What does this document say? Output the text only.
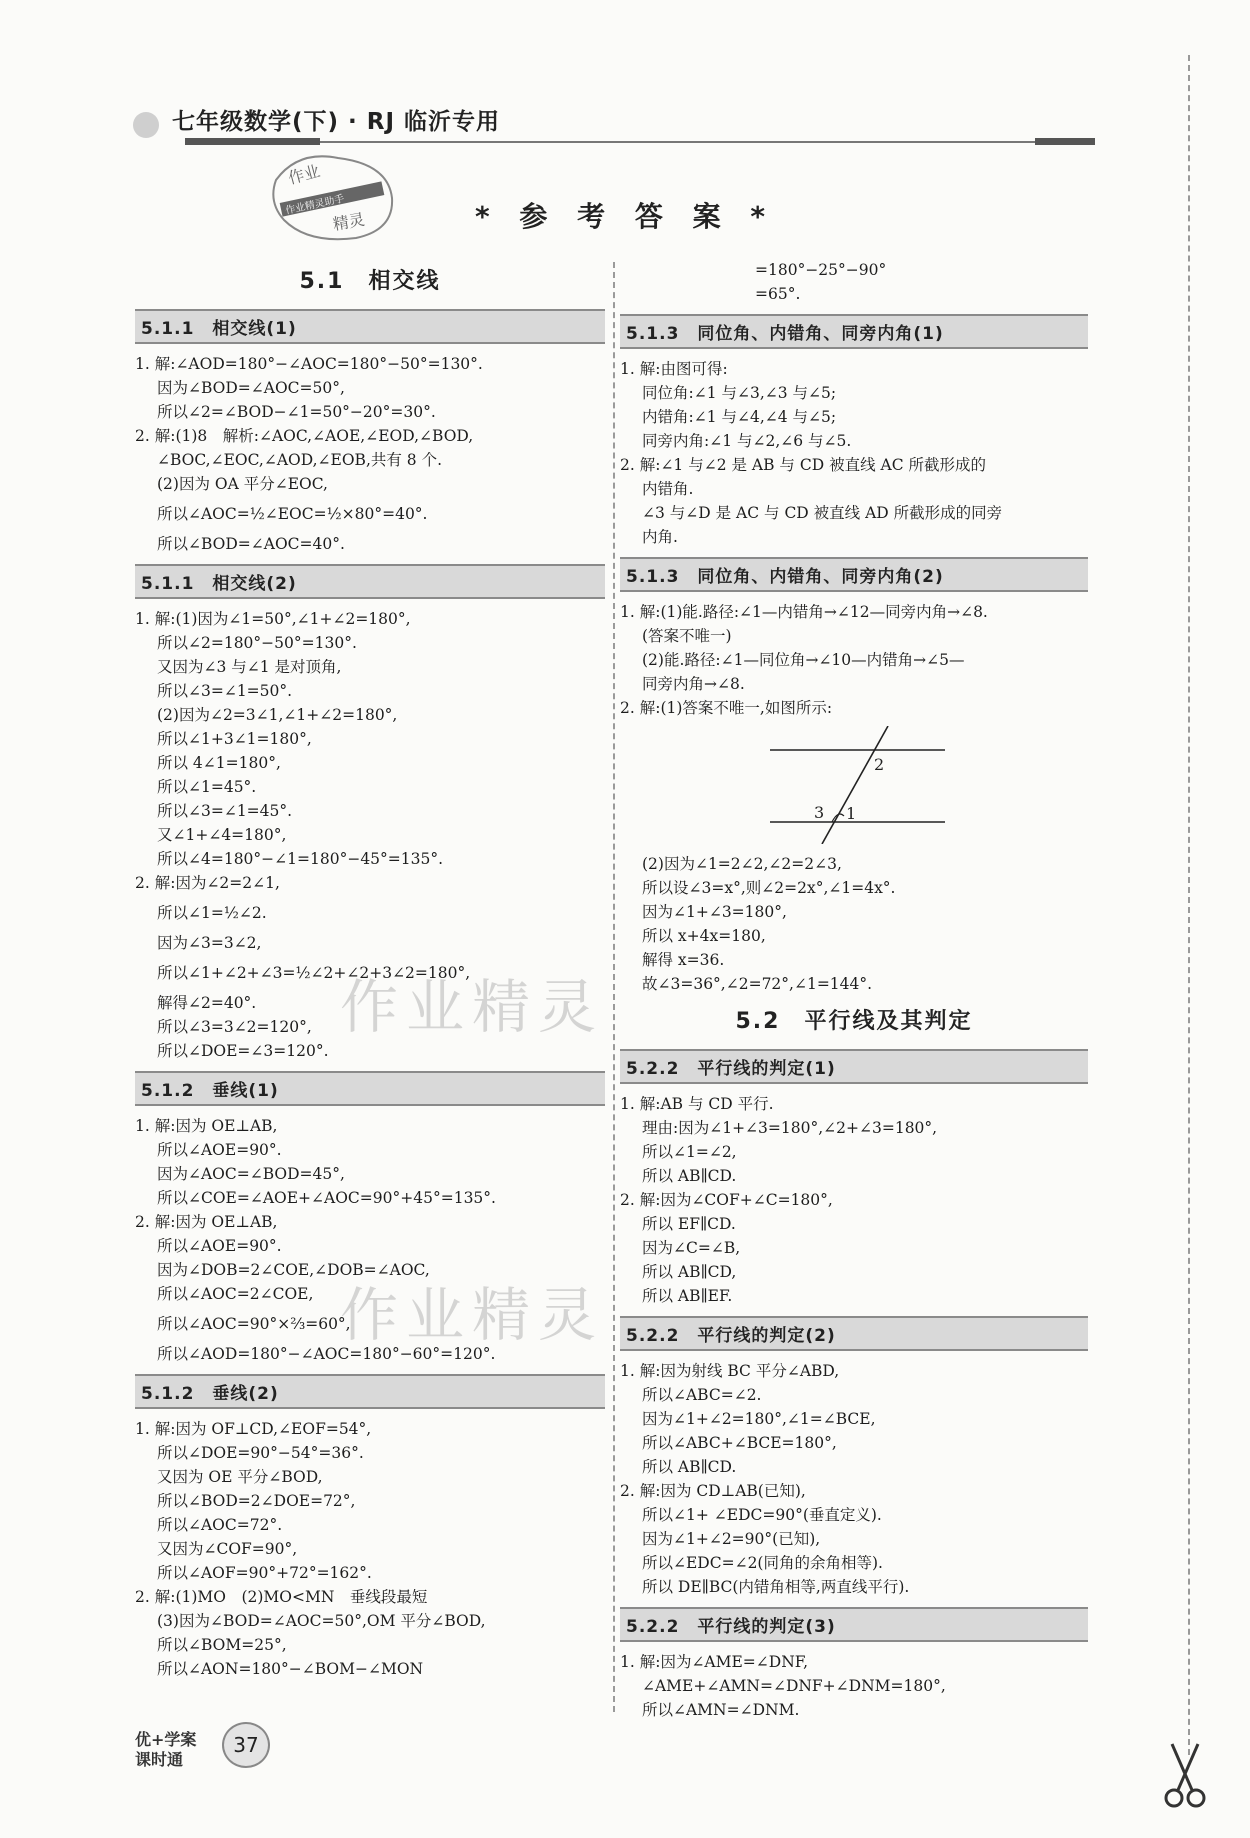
七年级数学(下) · RJ 临沂专用
作业
作业精灵助手
精灵	* 参 考 答 案 *
作业精灵
作业精灵
5.1　相交线
5.1.1　相交线(1)
1. 解:∠AOD=180°−∠AOC=180°−50°=130°.
因为∠BOD=∠AOC=50°,
所以∠2=∠BOD−∠1=50°−20°=30°.
2. 解:(1)8　解析:∠AOC,∠AOE,∠EOD,∠BOD,
∠BOC,∠EOC,∠AOD,∠EOB,共有 8 个.
(2)因为 OA 平分∠EOC,
所以∠AOC=½∠EOC=½×80°=40°.
所以∠BOD=∠AOC=40°.
5.1.1　相交线(2)
1. 解:(1)因为∠1=50°,∠1+∠2=180°,
所以∠2=180°−50°=130°.
又因为∠3 与∠1 是对顶角,
所以∠3=∠1=50°.
(2)因为∠2=3∠1,∠1+∠2=180°,
所以∠1+3∠1=180°,
所以 4∠1=180°,
所以∠1=45°.
所以∠3=∠1=45°.
又∠1+∠4=180°,
所以∠4=180°−∠1=180°−45°=135°.
2. 解:因为∠2=2∠1,
所以∠1=½∠2.
因为∠3=3∠2,
所以∠1+∠2+∠3=½∠2+∠2+3∠2=180°,
解得∠2=40°.
所以∠3=3∠2=120°,
所以∠DOE=∠3=120°.
5.1.2　垂线(1)
1. 解:因为 OE⊥AB,
所以∠AOE=90°.
因为∠AOC=∠BOD=45°,
所以∠COE=∠AOE+∠AOC=90°+45°=135°.
2. 解:因为 OE⊥AB,
所以∠AOE=90°.
因为∠DOB=2∠COE,∠DOB=∠AOC,
所以∠AOC=2∠COE,
所以∠AOC=90°×⅔=60°,
所以∠AOD=180°−∠AOC=180°−60°=120°.
5.1.2　垂线(2)
1. 解:因为 OF⊥CD,∠EOF=54°,
所以∠DOE=90°−54°=36°.
又因为 OE 平分∠BOD,
所以∠BOD=2∠DOE=72°,
所以∠AOC=72°.
又因为∠COF=90°,
所以∠AOF=90°+72°=162°.
2. 解:(1)MO　(2)MO<MN　垂线段最短
(3)因为∠BOD=∠AOC=50°,OM 平分∠BOD,
所以∠BOM=25°,
所以∠AON=180°−∠BOM−∠MON
=180°−25°−90°
=65°.
5.1.3　同位角、内错角、同旁内角(1)
1. 解:由图可得:
同位角:∠1 与∠3,∠3 与∠5;
内错角:∠1 与∠4,∠4 与∠5;
同旁内角:∠1 与∠2,∠6 与∠5.
2. 解:∠1 与∠2 是 AB 与 CD 被直线 AC 所截形成的
内错角.
∠3 与∠D 是 AC 与 CD 被直线 AD 所截形成的同旁
内角.
5.1.3　同位角、内错角、同旁内角(2)
1. 解:(1)能.路径:∠1—内错角→∠12—同旁内角→∠8.
(答案不唯一)
(2)能.路径:∠1—同位角→∠10—内错角→∠5—
同旁内角→∠8.
2. 解:(1)答案不唯一,如图所示:
2
3 1
(2)因为∠1=2∠2,∠2=2∠3,
所以设∠3=x°,则∠2=2x°,∠1=4x°.
因为∠1+∠3=180°,
所以 x+4x=180,
解得 x=36.
故∠3=36°,∠2=72°,∠1=144°.
5.2　平行线及其判定
5.2.2　平行线的判定(1)
1. 解:AB 与 CD 平行.
理由:因为∠1+∠3=180°,∠2+∠3=180°,
所以∠1=∠2,
所以 AB∥CD.
2. 解:因为∠COF+∠C=180°,
所以 EF∥CD.
因为∠C=∠B,
所以 AB∥CD,
所以 AB∥EF.
5.2.2　平行线的判定(2)
1. 解:因为射线 BC 平分∠ABD,
所以∠ABC=∠2.
因为∠1+∠2=180°,∠1=∠BCE,
所以∠ABC+∠BCE=180°,
所以 AB∥CD.
2. 解:因为 CD⊥AB(已知),
所以∠1+ ∠EDC=90°(垂直定义).
因为∠1+∠2=90°(已知),
所以∠EDC=∠2(同角的余角相等).
所以 DE∥BC(内错角相等,两直线平行).
5.2.2　平行线的判定(3)
1. 解:因为∠AME=∠DNF,
∠AME+∠AMN=∠DNF+∠DNM=180°,
所以∠AMN=∠DNM.
优+学案
课时通
37
